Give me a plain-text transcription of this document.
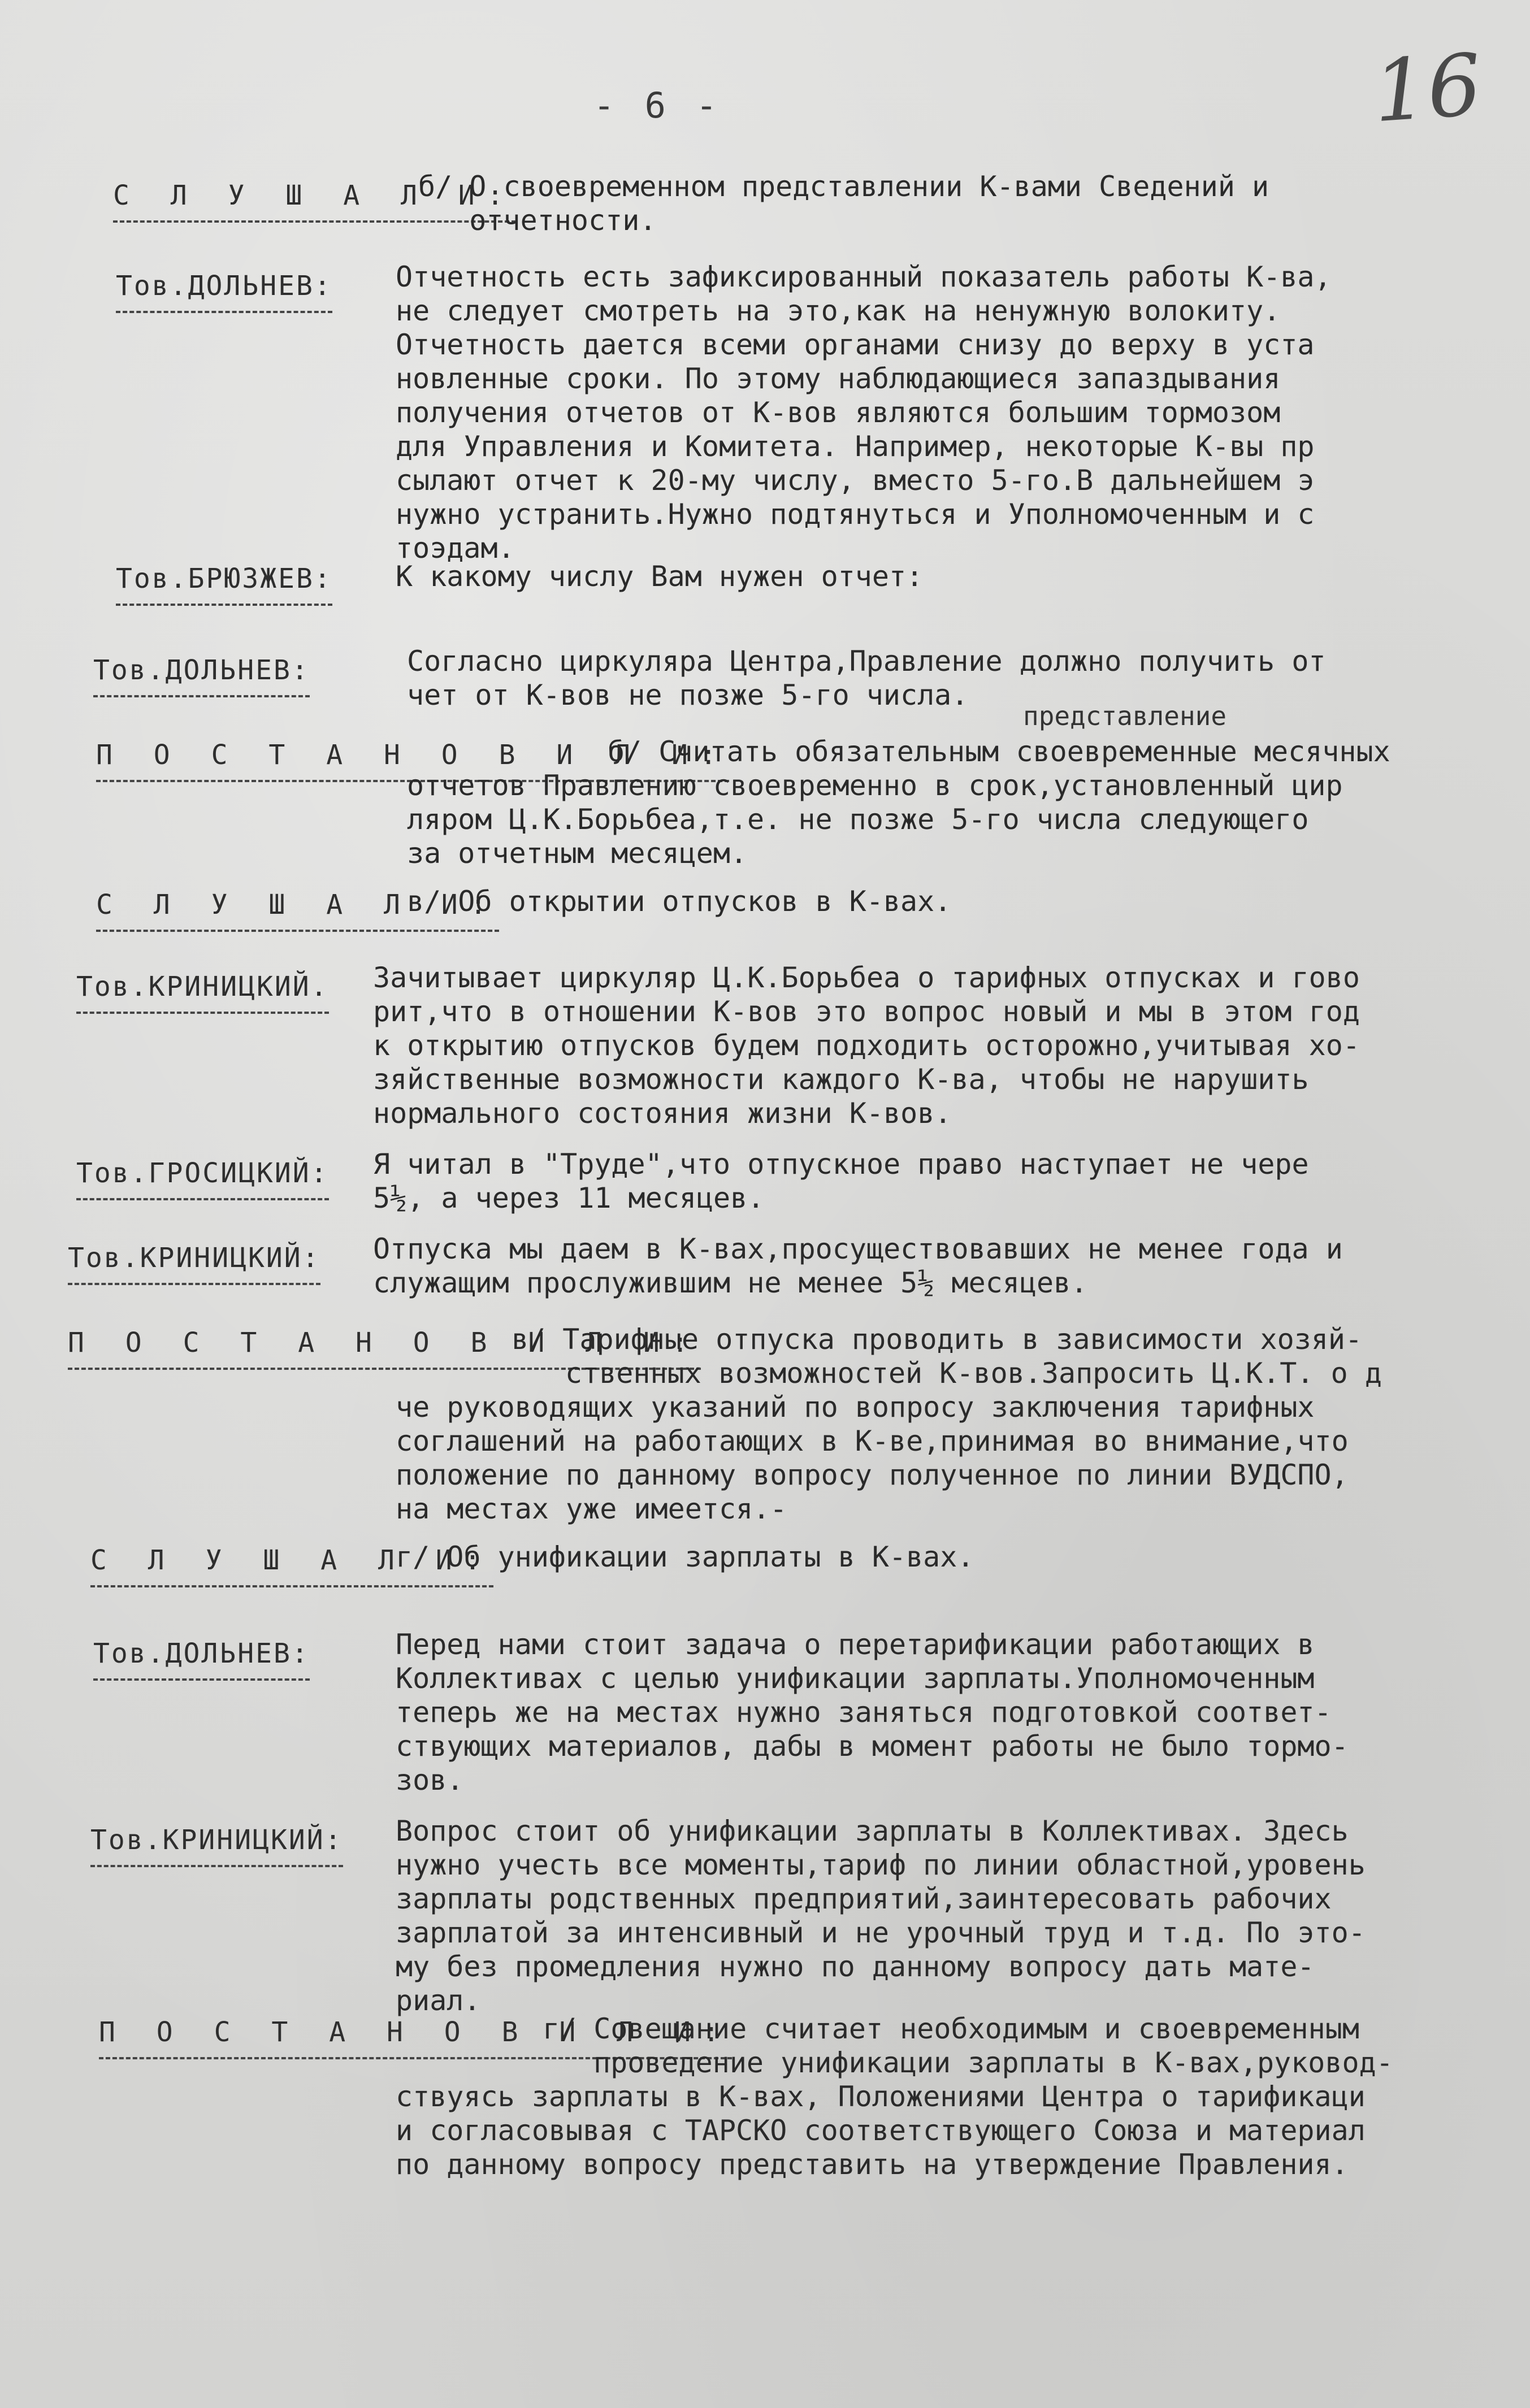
- 6 -	16
С Л У Ш А Л И:
б/ О своевременном представлении К-вами Сведений и
отчетности.
Тов.ДОЛЬНЕВ: Отчетность есть зафиксированный показатель работы К-ва,
не следует смотреть на это,как на ненужную волокиту.
Отчетность дается всеми органами снизу до верху в уста
новленные сроки. По этому наблюдающиеся запаздывания
получения отчетов от К-вов являются большим тормозом
для Управления и Комитета. Например, некоторые К-вы пр
сылают отчет к 20-му числу, вместо 5-го.В дальнейшем э
нужно устранить.Нужно подтянуться и Уполномоченным и с
тоэдам.
Тов.БРЮЗЖЕВ: К какому числу Вам нужен отчет:
Тов.ДОЛЬНЕВ:	Согласно циркуляра Центра,Правление должно получить от
чет от К-вов не позже 5-го числа.
представление
П О С Т А Н О В И Л И:
б/ Считать обязательным своевременные месячных
отчетов Правлению своевременно в срок,установленный цир
ляром Ц.К.Борьбеа,т.е. не позже 5-го числа следующего
за отчетным месяцем.
С Л У Ш А Л И:
в/ Об открытии отпусков в К-вах.
Тов.КРИНИЦКИЙ. Зачитывает циркуляр Ц.К.Борьбеа о тарифных отпусках и гово
рит,что в отношении К-вов это вопрос новый и мы в этом год
к открытию отпусков будем подходить осторожно,учитывая хо-
зяйственные возможности каждого К-ва, чтобы не нарушить
нормального состояния жизни К-вов.
Тов.ГРОСИЦКИЙ: Я читал в "Труде",что отпускное право наступает не чере
5½, а через 11 месяцев.
Тов.КРИНИЦКИЙ: Отпуска мы даем в К-вах,просуществовавших не менее года и
служащим прослужившим не менее 5½ месяцев.
П О С Т А Н О В И Л И:
в/ Тарифные отпуска проводить в зависимости хозяй-
ственных возможностей К-вов.Запросить Ц.К.Т. о д
че руководящих указаний по вопросу заключения тарифных
соглашений на работающих в К-ве,принимая во внимание,что
положение по данному вопросу полученное по линии ВУДСПО,
на местах уже имеется.-
С Л У Ш А Л И:
г/ Об унификации зарплаты в К-вах.
Тов.ДОЛЬНЕВ:	Перед нами стоит задача о перетарификации работающих в
Коллективах с целью унификации зарплаты.Уполномоченным
теперь же на местах нужно заняться подготовкой соответ-
ствующих материалов, дабы в момент работы не было тормо-
зов.
Тов.КРИНИЦКИЙ: Вопрос стоит об унификации зарплаты в Коллективах. Здесь
нужно учесть все моменты,тариф по линии областной,уровень
зарплаты родственных предприятий,заинтересовать рабочих
зарплатой за интенсивный и не урочный труд и т.д. По это-
му без промедления нужно по данному вопросу дать мате-
риал.
П О С Т А Н О В И Л И:
г/ Совещание считает необходимым и своевременным
проведение унификации зарплаты в К-вах,руковод-
ствуясь зарплаты в К-вах, Положениями Центра о тарификаци
и согласовывая с ТАРСКО соответствующего Союза и материал
по данному вопросу представить на утверждение Правления.
